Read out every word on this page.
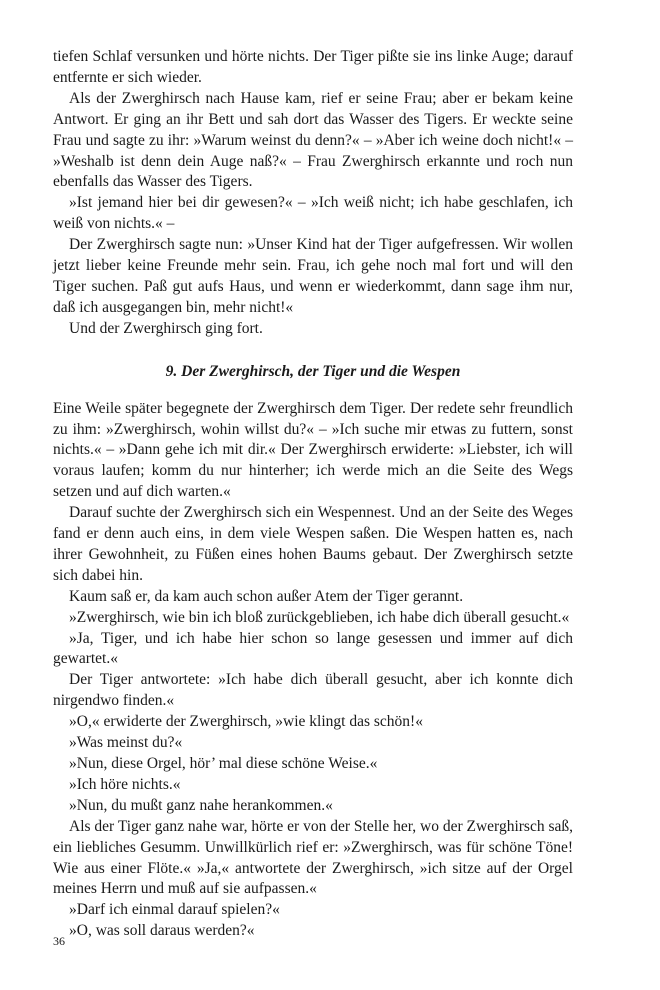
tiefen Schlaf versunken und hörte nichts. Der Tiger pißte sie ins linke Auge; darauf entfernte er sich wieder.

Als der Zwerghirsch nach Hause kam, rief er seine Frau; aber er bekam keine Antwort. Er ging an ihr Bett und sah dort das Wasser des Tigers. Er weckte seine Frau und sagte zu ihr: »Warum weinst du denn?« – »Aber ich weine doch nicht!« – »Weshalb ist denn dein Auge naß?« – Frau Zwerghirsch erkannte und roch nun ebenfalls das Wasser des Tigers.

»Ist jemand hier bei dir gewesen?« – »Ich weiß nicht; ich habe geschlafen, ich weiß von nichts.« –

Der Zwerghirsch sagte nun: »Unser Kind hat der Tiger aufgefressen. Wir wollen jetzt lieber keine Freunde mehr sein. Frau, ich gehe noch mal fort und will den Tiger suchen. Paß gut aufs Haus, und wenn er wiederkommt, dann sage ihm nur, daß ich ausgegangen bin, mehr nicht!«

Und der Zwerghirsch ging fort.

9. Der Zwerghirsch, der Tiger und die Wespen

Eine Weile später begegnete der Zwerghirsch dem Tiger. Der redete sehr freundlich zu ihm: »Zwerghirsch, wohin willst du?« – »Ich suche mir etwas zu futtern, sonst nichts.« – »Dann gehe ich mit dir.« Der Zwerghirsch erwiderte: »Liebster, ich will voraus laufen; komm du nur hinterher; ich werde mich an die Seite des Wegs setzen und auf dich warten.«

Darauf suchte der Zwerghirsch sich ein Wespennest. Und an der Seite des Weges fand er denn auch eins, in dem viele Wespen saßen. Die Wespen hatten es, nach ihrer Gewohnheit, zu Füßen eines hohen Baums gebaut. Der Zwerghirsch setzte sich dabei hin.

Kaum saß er, da kam auch schon außer Atem der Tiger gerannt.

»Zwerghirsch, wie bin ich bloß zurückgeblieben, ich habe dich überall gesucht.«

»Ja, Tiger, und ich habe hier schon so lange gesessen und immer auf dich gewartet.«

Der Tiger antwortete: »Ich habe dich überall gesucht, aber ich konnte dich nirgendwo finden.«

»O,« erwiderte der Zwerghirsch, »wie klingt das schön!«

»Was meinst du?«

»Nun, diese Orgel, hör’ mal diese schöne Weise.«

»Ich höre nichts.«

»Nun, du mußt ganz nahe herankommen.«

Als der Tiger ganz nahe war, hörte er von der Stelle her, wo der Zwerghirsch saß, ein liebliches Gesumm. Unwillkürlich rief er: »Zwerghirsch, was für schöne Töne! Wie aus einer Flöte.« »Ja,« antwortete der Zwerghirsch, »ich sitze auf der Orgel meines Herrn und muß auf sie aufpassen.«

»Darf ich einmal darauf spielen?«

»O, was soll daraus werden?«

36
